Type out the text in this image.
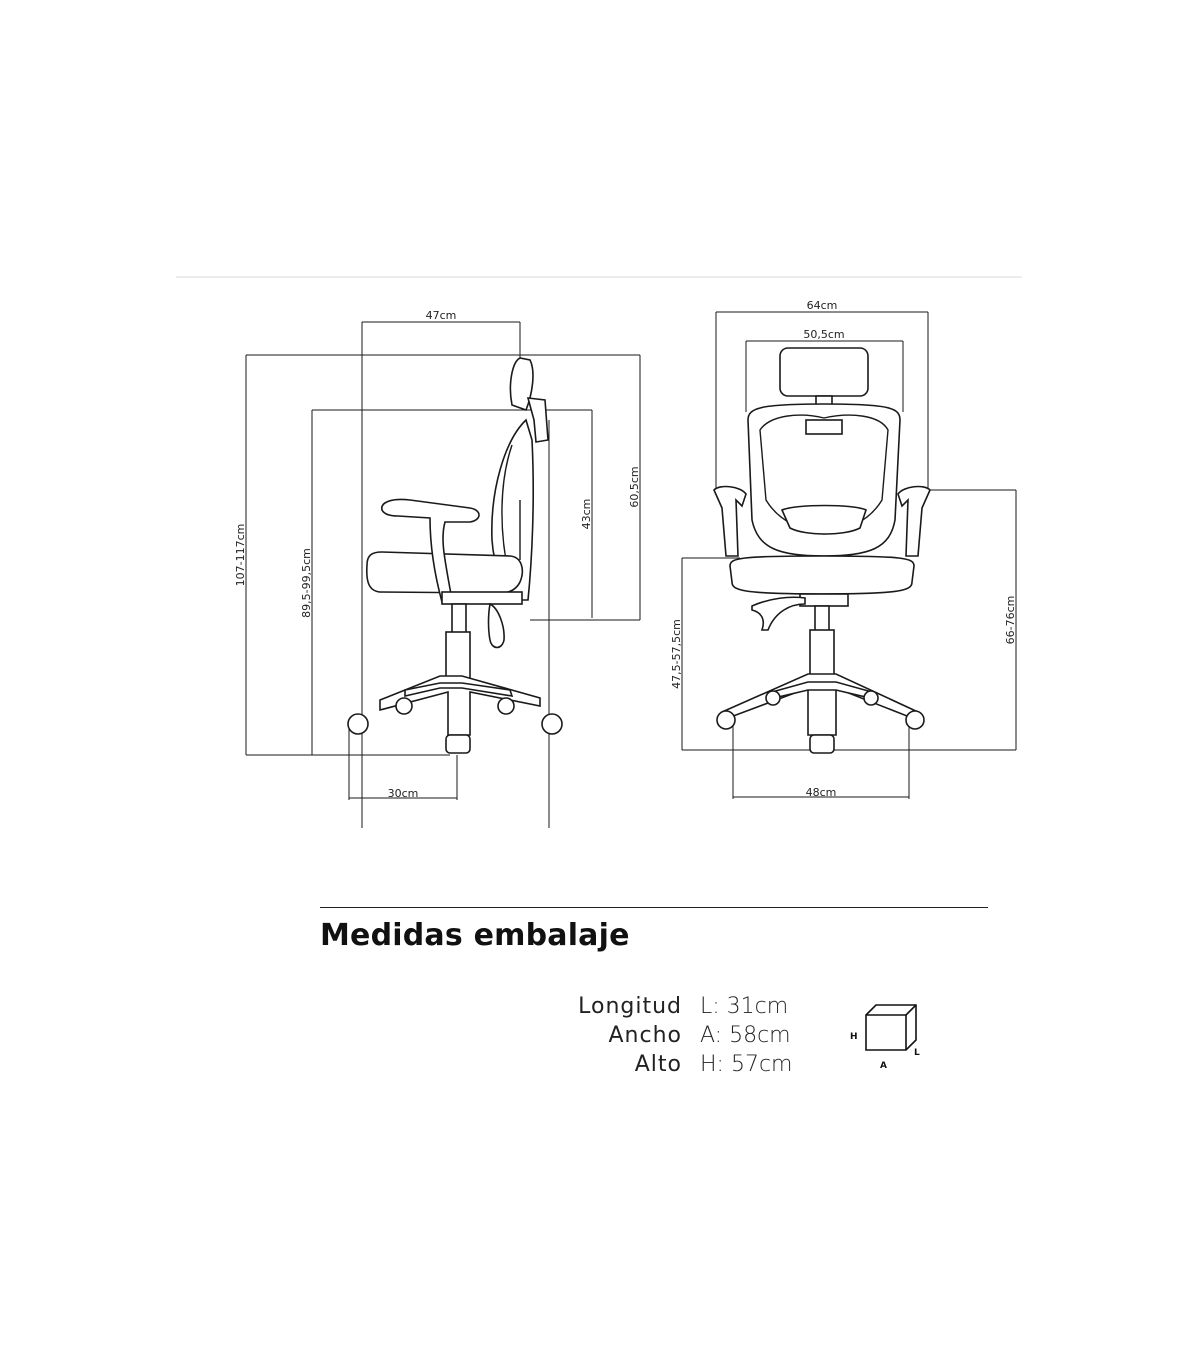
47cm
107-117cm	89,5-99,5cm
43cm
60,5cm
30cm
64cm
50,5cm
66-76cm
47,5-57,5cm
48cm
Medidas embalaje
Longitud
Ancho
Alto
L: 31cm
A: 58cm
H: 57cm
H
A
L
